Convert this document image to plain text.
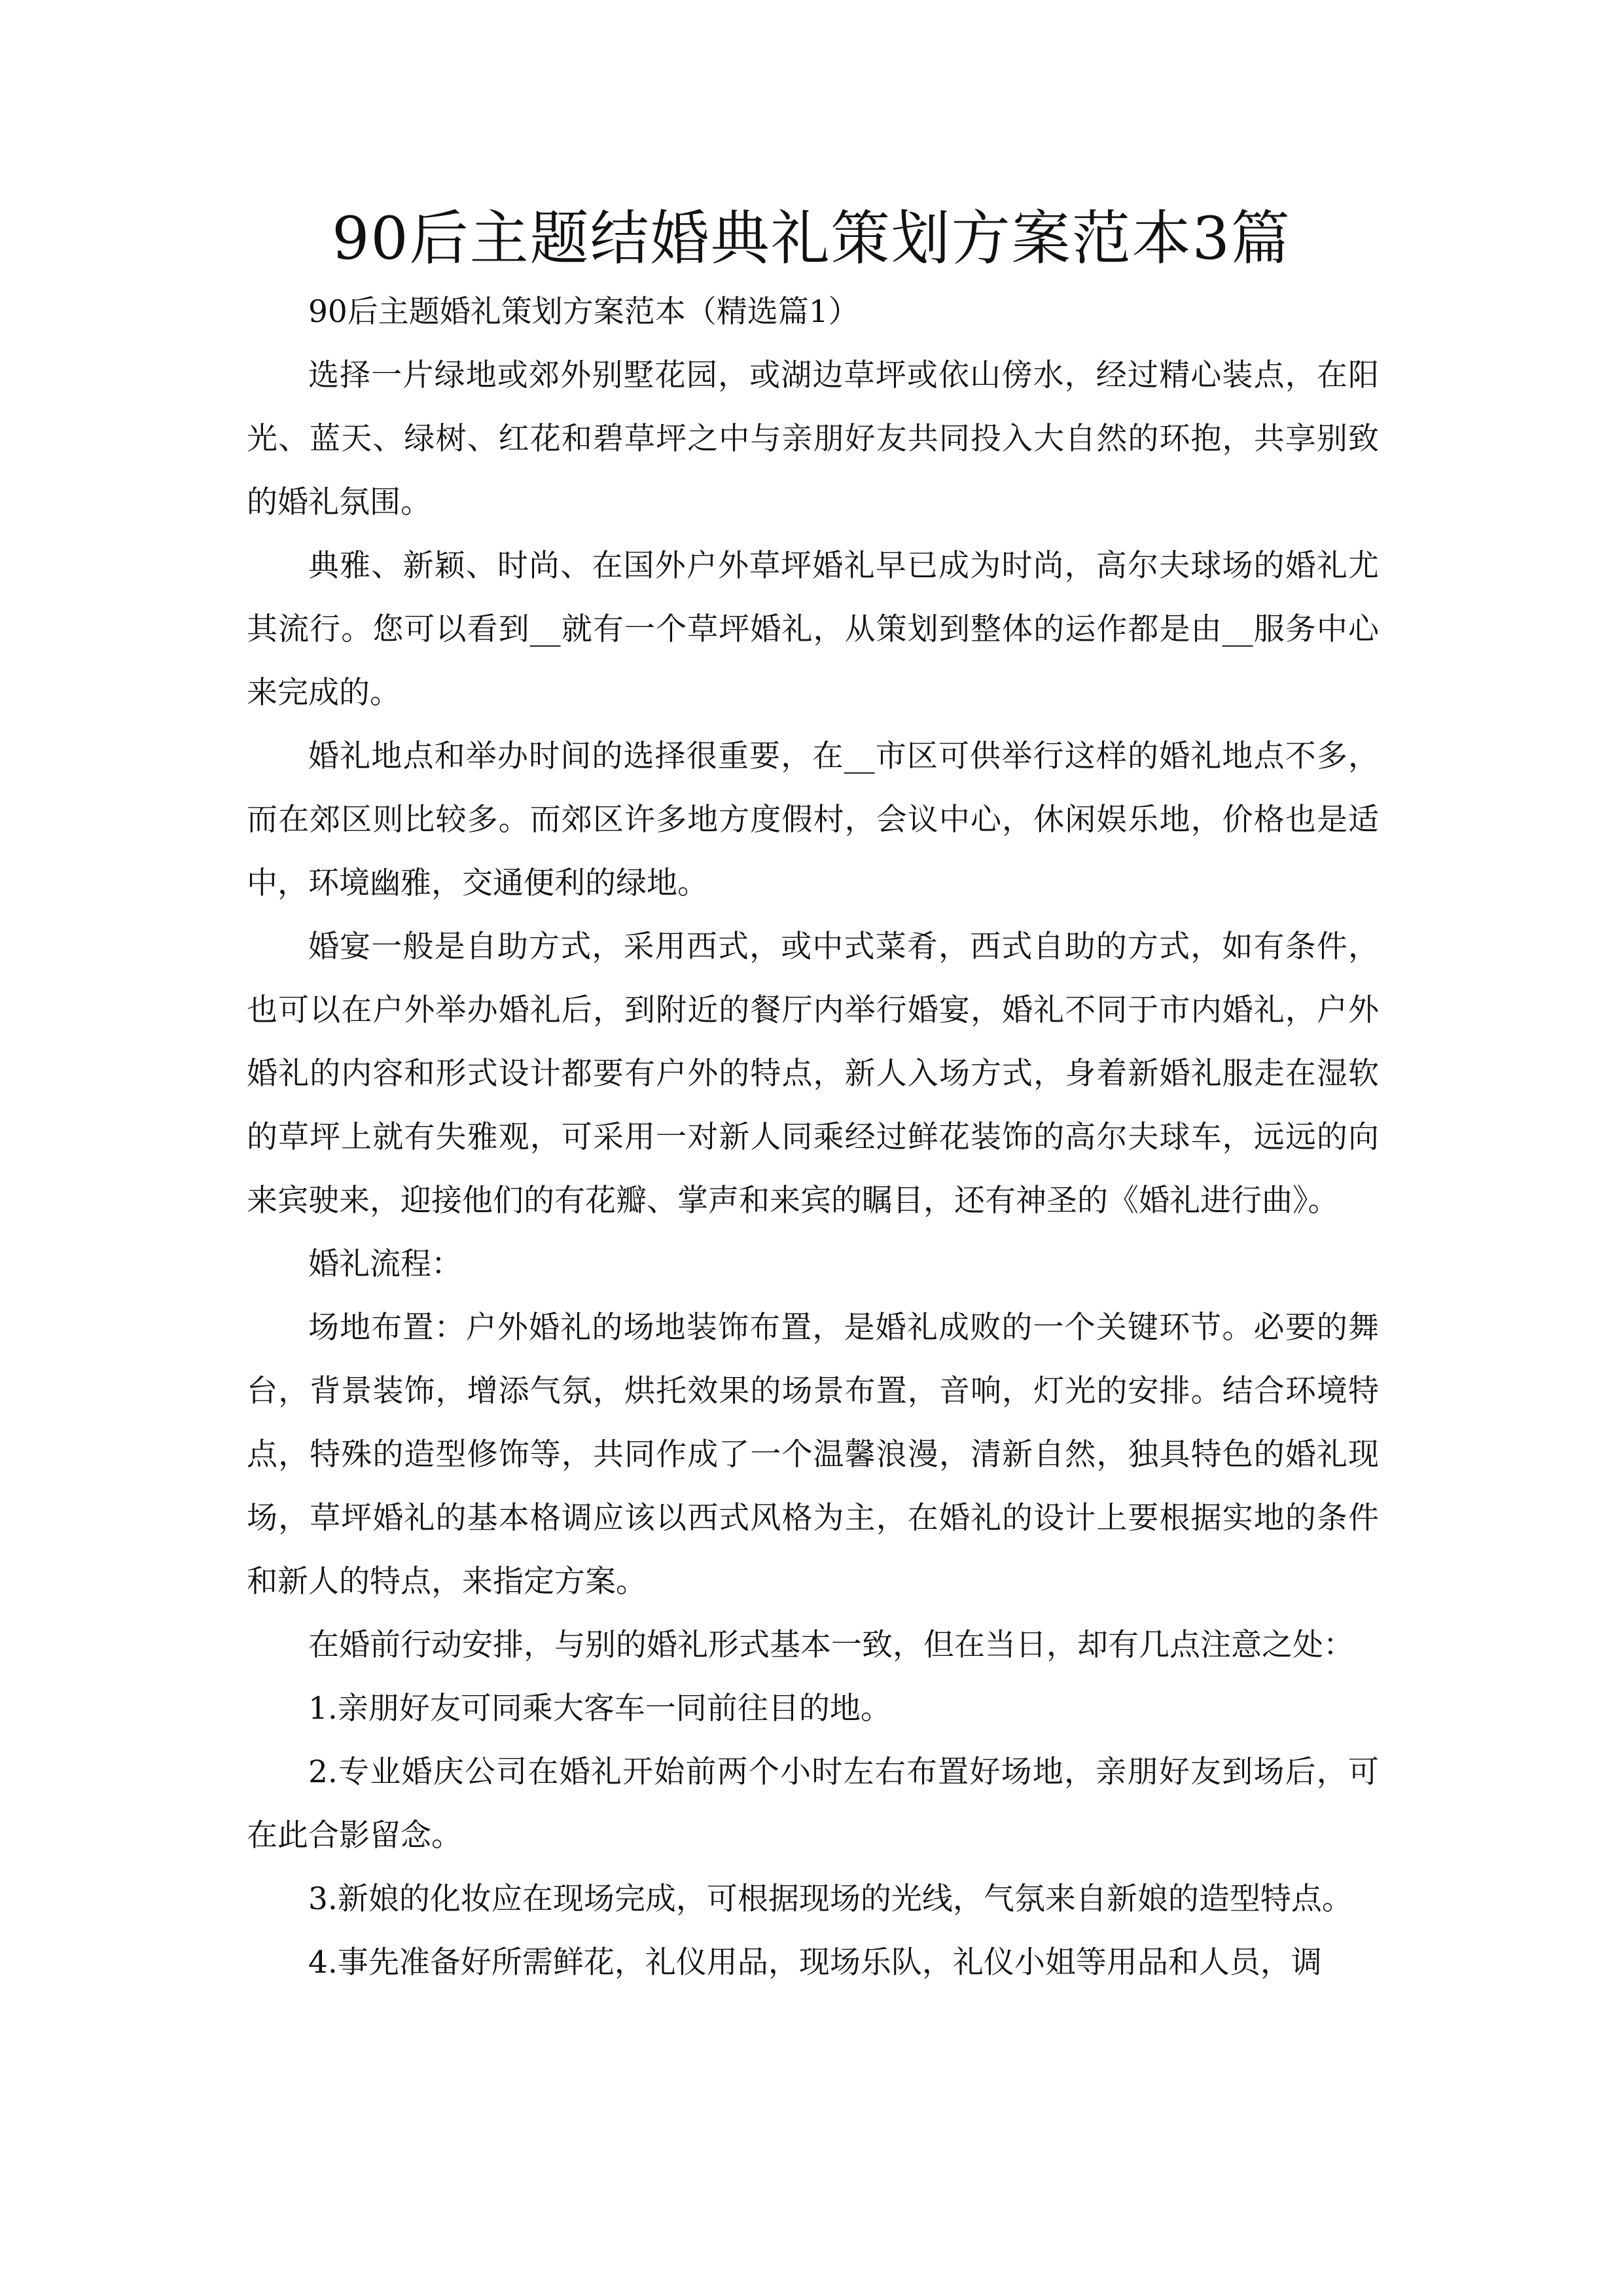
90后主题结婚典礼策划方案范本3篇

90后主题婚礼策划方案范本（精选篇1）

选择一片绿地或郊外别墅花园，或湖边草坪或依山傍水，经过精心装点，在阳光、蓝天、绿树、红花和碧草坪之中与亲朋好友共同投入大自然的环抱，共享别致的婚礼氛围。

典雅、新颖、时尚、在国外户外草坪婚礼早已成为时尚，高尔夫球场的婚礼尤其流行。您可以看到__就有一个草坪婚礼，从策划到整体的运作都是由__服务中心来完成的。

婚礼地点和举办时间的选择很重要，在__市区可供举行这样的婚礼地点不多，而在郊区则比较多。而郊区许多地方度假村，会议中心，休闲娱乐地，价格也是适中，环境幽雅，交通便利的绿地。

婚宴一般是自助方式，采用西式，或中式菜肴，西式自助的方式，如有条件，也可以在户外举办婚礼后，到附近的餐厅内举行婚宴，婚礼不同于市内婚礼，户外婚礼的内容和形式设计都要有户外的特点，新人入场方式，身着新婚礼服走在湿软的草坪上就有失雅观，可采用一对新人同乘经过鲜花装饰的高尔夫球车，远远的向来宾驶来，迎接他们的有花瓣、掌声和来宾的瞩目，还有神圣的《婚礼进行曲》。

婚礼流程：

场地布置：户外婚礼的场地装饰布置，是婚礼成败的一个关键环节。必要的舞台，背景装饰，增添气氛，烘托效果的场景布置，音响，灯光的安排。结合环境特点，特殊的造型修饰等，共同作成了一个温馨浪漫，清新自然，独具特色的婚礼现场，草坪婚礼的基本格调应该以西式风格为主，在婚礼的设计上要根据实地的条件和新人的特点，来指定方案。

在婚前行动安排，与别的婚礼形式基本一致，但在当日，却有几点注意之处：

1.亲朋好友可同乘大客车一同前往目的地。

2.专业婚庆公司在婚礼开始前两个小时左右布置好场地，亲朋好友到场后，可在此合影留念。

3.新娘的化妆应在现场完成，可根据现场的光线，气氛来自新娘的造型特点。

4.事先准备好所需鲜花，礼仪用品，现场乐队，礼仪小姐等用品和人员，调
